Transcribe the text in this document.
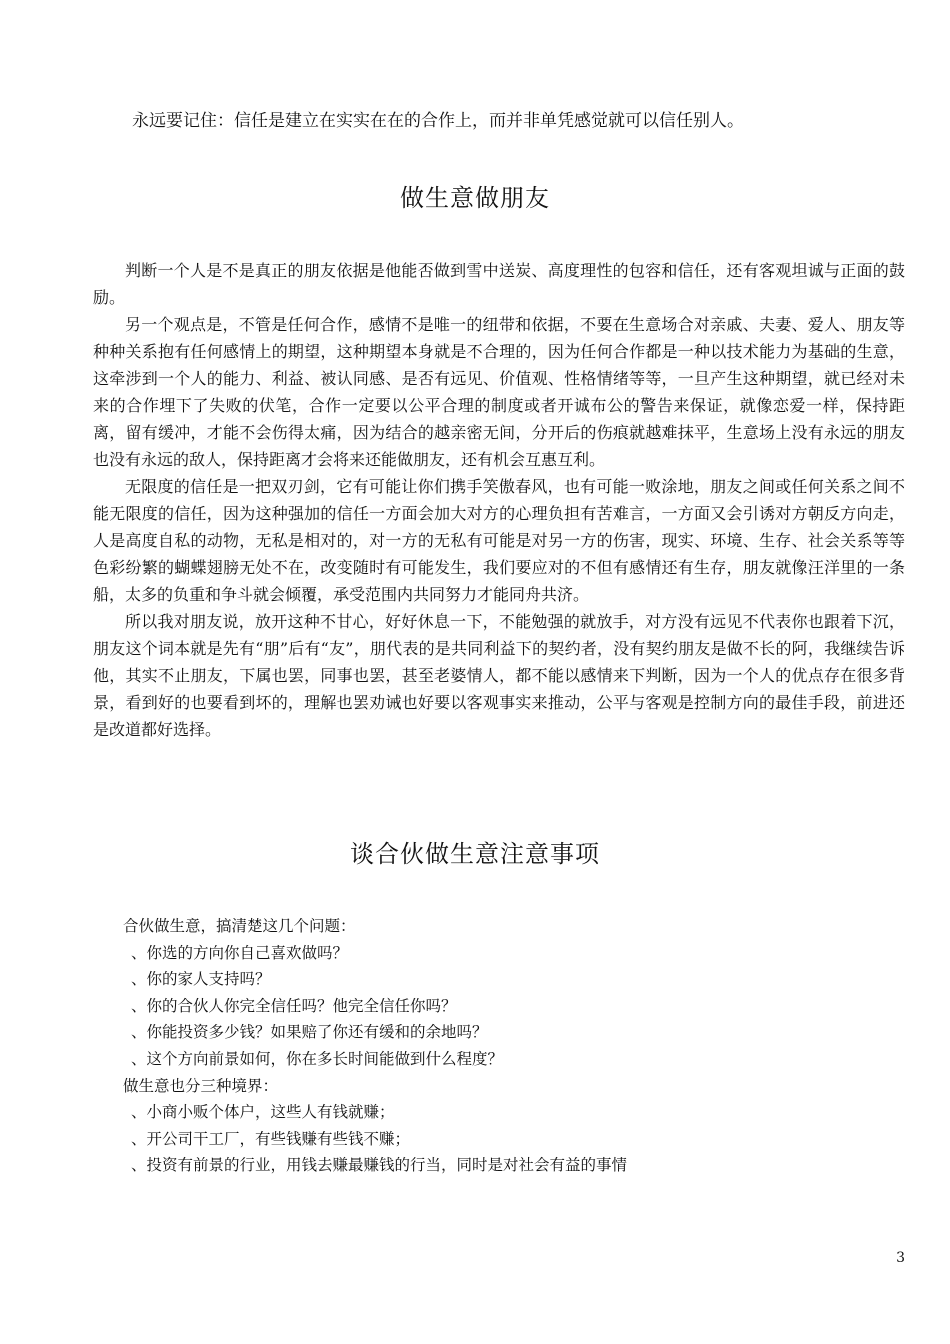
永远要记住：信任是建立在实实在在的合作上，而并非单凭感觉就可以信任别人。
做生意做朋友

判断一个人是不是真正的朋友依据是他能否做到雪中送炭、高度理性的包容和信任，还有客观坦诚与正面的鼓励。

另一个观点是，不管是任何合作，感情不是唯一的纽带和依据，不要在生意场合对亲戚、夫妻、爱人、朋友等种种关系抱有任何感情上的期望，这种期望本身就是不合理的，因为任何合作都是一种以技术能力为基础的生意，这牵涉到一个人的能力、利益、被认同感、是否有远见、价值观、性格情绪等等，一旦产生这种期望，就已经对未来的合作埋下了失败的伏笔，合作一定要以公平合理的制度或者开诚布公的警告来保证，就像恋爱一样，保持距离，留有缓冲，才能不会伤得太痛，因为结合的越亲密无间，分开后的伤痕就越难抹平，生意场上没有永远的朋友也没有永远的敌人，保持距离才会将来还能做朋友，还有机会互惠互利。

无限度的信任是一把双刃剑，它有可能让你们携手笑傲春风，也有可能一败涂地，朋友之间或任何关系之间不能无限度的信任，因为这种强加的信任一方面会加大对方的心理负担有苦难言，一方面又会引诱对方朝反方向走，人是高度自私的动物，无私是相对的，对一方的无私有可能是对另一方的伤害，现实、环境、生存、社会关系等等色彩纷繁的蝴蝶翅膀无处不在，改变随时有可能发生，我们要应对的不但有感情还有生存，朋友就像汪洋里的一条船，太多的负重和争斗就会倾覆，承受范围内共同努力才能同舟共济。

所以我对朋友说，放开这种不甘心，好好休息一下，不能勉强的就放手，对方没有远见不代表你也跟着下沉，朋友这个词本就是先有“朋”后有“友”，朋代表的是共同利益下的契约者，没有契约朋友是做不长的阿，我继续告诉他，其实不止朋友，下属也罢，同事也罢，甚至老婆情人，都不能以感情来下判断，因为一个人的优点存在很多背景，看到好的也要看到坏的，理解也罢劝诫也好要以客观事实来推动，公平与客观是控制方向的最佳手段，前进还是改道都好选择。

谈合伙做生意注意事项

合伙做生意，搞清楚这几个问题：

、你选的方向你自己喜欢做吗？

、你的家人支持吗？

、你的合伙人你完全信任吗？他完全信任你吗？

、你能投资多少钱？如果赔了你还有缓和的余地吗？

、这个方向前景如何，你在多长时间能做到什么程度？

做生意也分三种境界：

、小商小贩个体户，这些人有钱就赚；

、开公司干工厂，有些钱赚有些钱不赚；

、投资有前景的行业，用钱去赚最赚钱的行当，同时是对社会有益的事情

3
